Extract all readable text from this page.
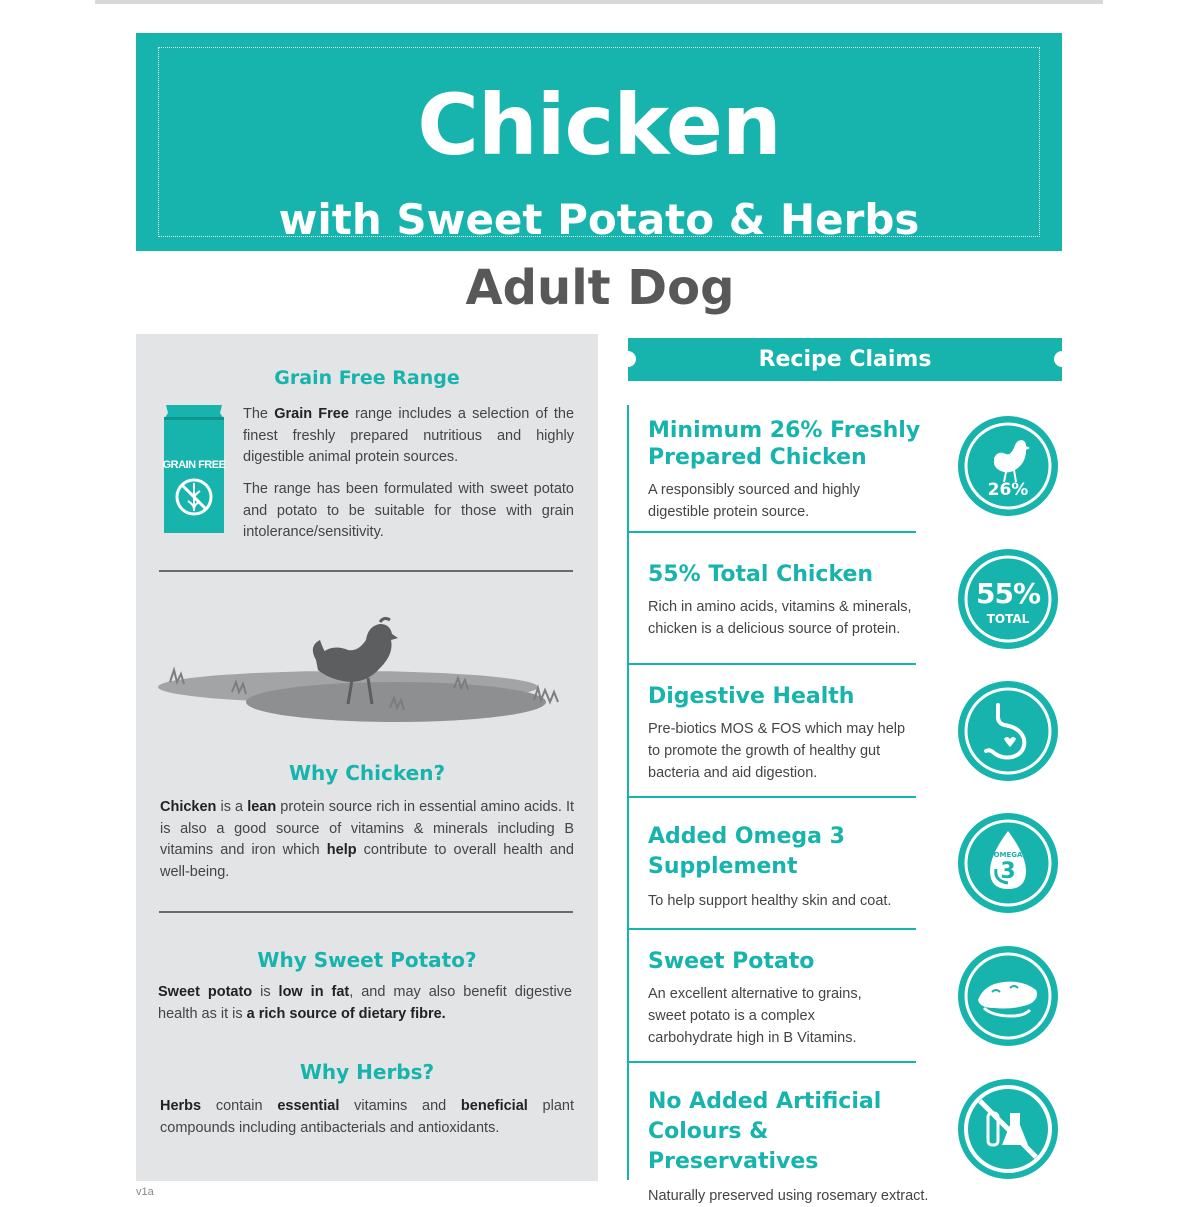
Chicken
with Sweet Potato & Herbs
Adult Dog
Grain Free Range
GRAIN FREE
The Grain Free range includes a selection of the finest freshly prepared nutritious and highly digestible animal protein sources.
The range has been formulated with sweet potato and potato to be suitable for those with grain intolerance/sensitivity.
Why Chicken?
Chicken is a lean protein source rich in essential amino acids. It is also a good source of vitamins & minerals including B vitamins and iron which help contribute to overall health and well-being.
Why Sweet Potato?
Sweet potato is low in fat, and may also benefit digestive health as it is a rich source of dietary fibre.
Why Herbs?
Herbs contain essential vitamins and beneficial plant compounds including antibacterials and antioxidants.
v1a
Recipe Claims
Minimum 26% Freshly Prepared Chicken
A responsibly sourced and highly digestible protein source.
55% Total Chicken
Rich in amino acids, vitamins & minerals, chicken is a delicious source of protein.
Digestive Health
Pre-biotics MOS & FOS which may help to promote the growth of healthy gut bacteria and aid digestion.
Added Omega 3 Supplement
To help support healthy skin and coat.
Sweet Potato
An excellent alternative to grains, sweet potato is a complex carbohydrate high in B Vitamins.
No Added Artificial Colours & Preservatives
Naturally preserved using rosemary extract.
26%
55%
TOTAL
OMEGA
3
